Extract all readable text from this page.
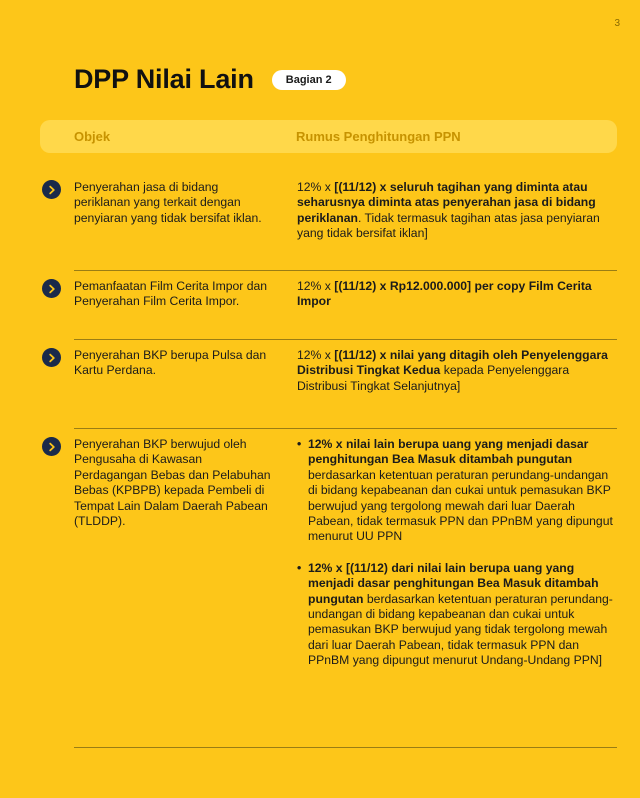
3
DPP Nilai Lain	Bagian 2
Objek	Rumus Penghitungan PPN
Penyerahan jasa di bidang periklanan yang terkait dengan penyiaran yang tidak bersifat iklan.
12% x [(11/12) x seluruh tagihan yang diminta atau seharusnya diminta atas penyerahan jasa di bidang periklanan. Tidak termasuk tagihan atas jasa penyiaran yang tidak bersifat iklan]
Pemanfaatan Film Cerita Impor dan Penyerahan Film Cerita Impor.
12% x [(11/12) x Rp12.000.000] per copy Film Cerita Impor
Penyerahan BKP berupa Pulsa dan Kartu Perdana.
12% x [(11/12) x nilai yang ditagih oleh Penyelenggara Distribusi Tingkat Kedua kepada Penyelenggara Distribusi Tingkat Selanjutnya]
Penyerahan BKP berwujud oleh Pengusaha di Kawasan Perdagangan Bebas dan Pelabuhan Bebas (KPBPB) kepada Pembeli di Tempat Lain Dalam Daerah Pabean (TLDDP).
• 12% x nilai lain berupa uang yang menjadi dasar penghitungan Bea Masuk ditambah pungutan berdasarkan ketentuan peraturan perundang-undangan di bidang kepabeanan dan cukai untuk pemasukan BKP berwujud yang tergolong mewah dari luar Daerah Pabean, tidak termasuk PPN dan PPnBM yang dipungut menurut UU PPN
• 12% x [(11/12) dari nilai lain berupa uang yang menjadi dasar penghitungan Bea Masuk ditambah pungutan berdasarkan ketentuan peraturan perundang-undangan di bidang kepabeanan dan cukai untuk pemasukan BKP berwujud yang tidak tergolong mewah dari luar Daerah Pabean, tidak termasuk PPN dan PPnBM yang dipungut menurut Undang-Undang PPN]
